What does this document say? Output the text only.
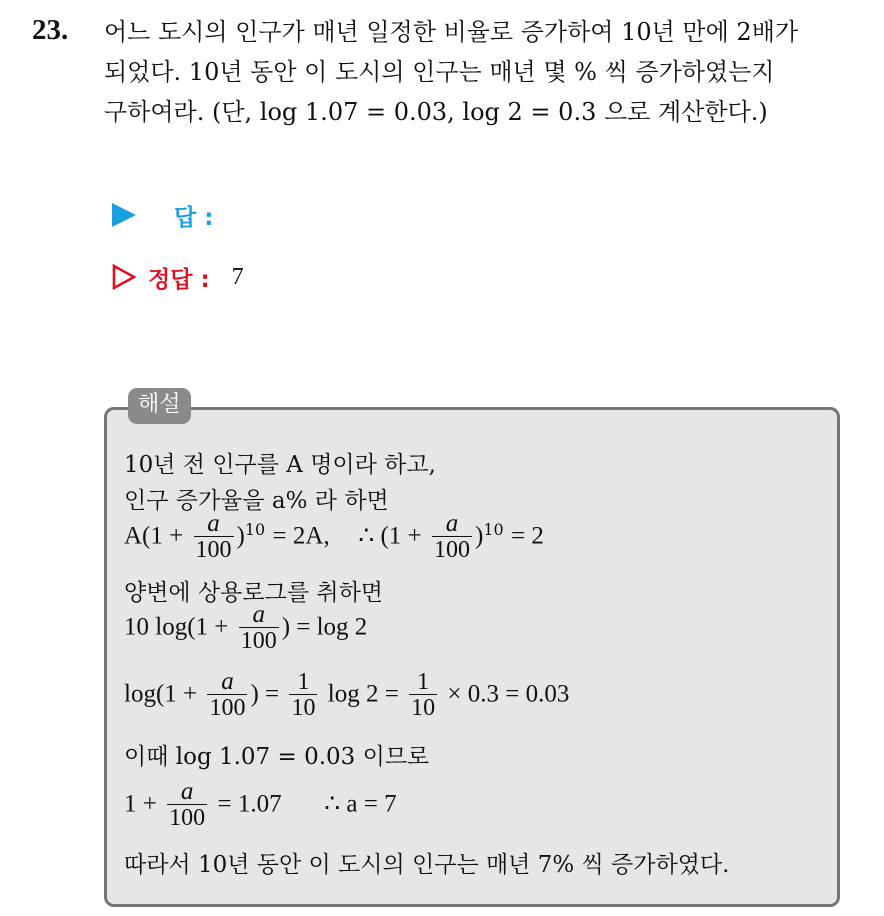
23. 어느 도시의 인구가 매년 일정한 비율로 증가하여 10년 만에 2배가
되었다. 10년 동안 이 도시의 인구는 매년 몇 % 씩 증가하였는지
구하여라. (단, log 1.07 = 0.03, log 2 = 0.3 으로 계산한다.)
답 :
정답 : 7
해설
10년 전 인구를 A 명이라 하고,
인구 증가율을 a% 라 하면
$A(1 + \frac{a}{100} )^{10} = 2A$, ∴ $(1 + \frac{a}{100} )^{10} = 2$
양변에 상용로그를 취하면
10 $\log(1 + \frac{a}{100}$ ) = log 2
$\log(1 + \frac{a}{100}$ ) = $\frac{1}{10}$ $\log 2 = \frac{1}{10} \times 0.3 = 0.03$
이때 log 1.07 = 0.03 이므로
$1 + \frac{a}{100} = 1.07$ ∴ a = 7
따라서 10년 동안 이 도시의 인구는 매년 7% 씩 증가하였다.
